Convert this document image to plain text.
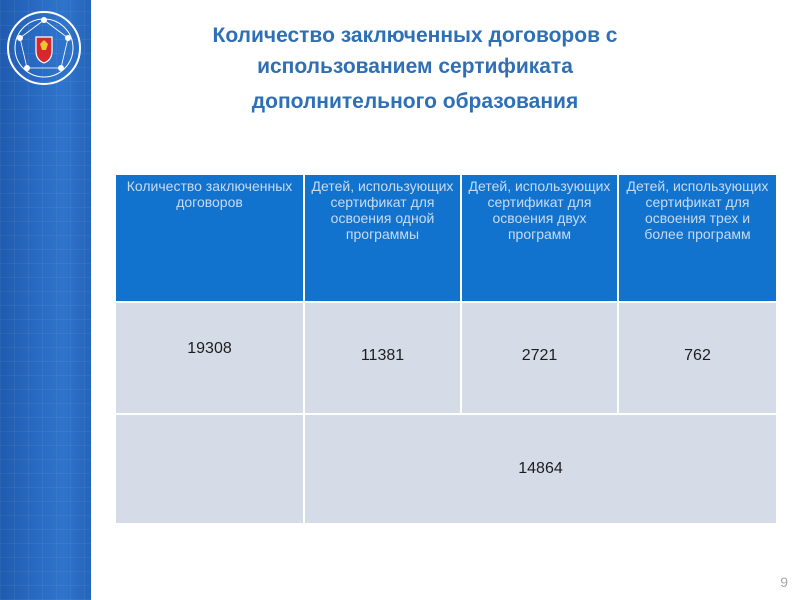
Количество заключенных договоров с
использованием сертификата
дополнительного образования
Количество заключенных договоров	Детей, использующих сертификат для освоения одной программы	Детей, использующих сертификат для освоения двух программ	Детей, использующих сертификат для освоения трех и более программ

19308	11381	2721	762

	14864		
9
